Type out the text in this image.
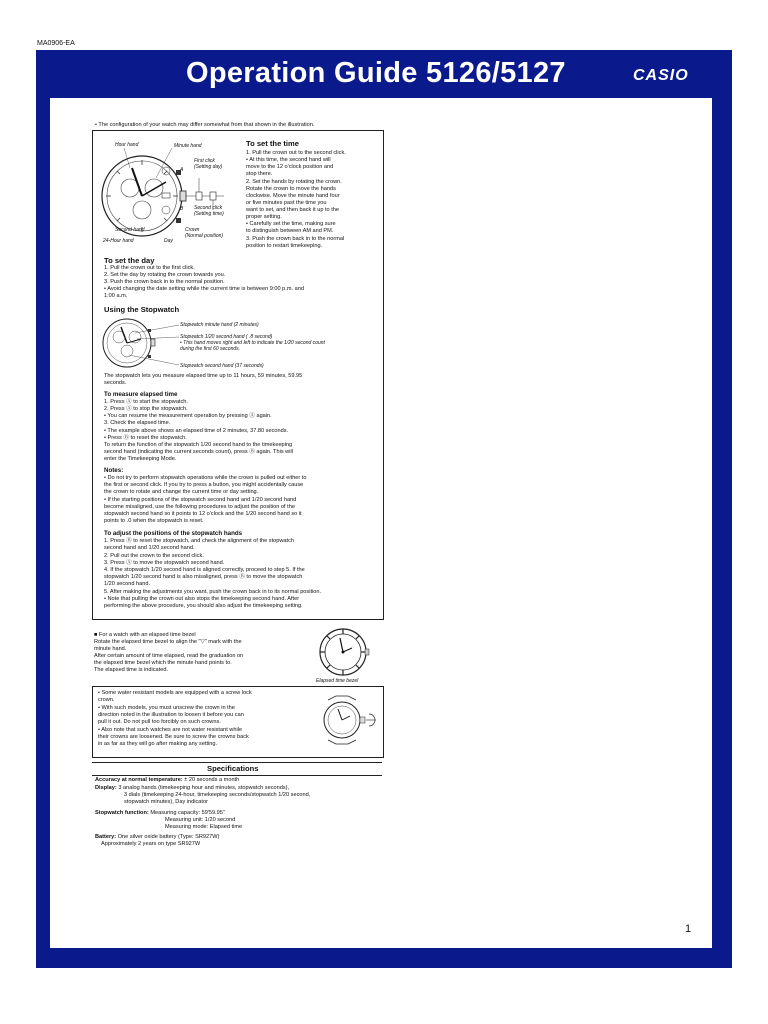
MA0906-EA
Operation Guide 5126/5127	CASIO
• The configuration of your watch may differ somewhat from that shown in the illustration.
Hour hand	Minute hand
First click
(Setting day)
A
B Second click
(Setting time)
Second hand	Crown
(Normal position)
24-Hour hand	Day
To set the time
1. Pull the crown out to the second click.
• At this time, the second hand will
move to the 12 o'clock position and
stop there.
2. Set the hands by rotating the crown.
Rotate the crown to move the hands
clockwise. Move the minute hand four
or five minutes past the time you
want to set, and then back it up to the
proper setting.
• Carefully set the time, making sure
to distinguish between AM and PM.
3. Push the crown back in to the normal
position to restart timekeeping.
To set the day
1. Pull the crown out to the first click.
2. Set the day by rotating the crown towards you.
3. Push the crown back in to the normal position.
• Avoid changing the date setting while the current time is between 9:00 p.m. and
1:00 a.m.
Using the Stopwatch
Stopwatch minute hand (2 minutes)
Stopwatch 1/20 second hand ( .8 second)
• This hand moves right and left to indicate the 1/20 second count
during the first 60 seconds.
Stopwatch second hand (37 seconds)
The stopwatch lets you measure elapsed time up to 11 hours, 59 minutes, 59.95
seconds.
To measure elapsed time
1. Press Ⓐ to start the stopwatch.
2. Press Ⓐ to stop the stopwatch.
• You can resume the measurement operation by pressing Ⓐ again.
3. Check the elapsed time.
• The example above shows an elapsed time of 2 minutes, 37.80 seconds.
• Press Ⓑ to reset the stopwatch.
To return the function of the stopwatch 1/20 second hand to the timekeeping
second hand (indicating the current seconds count), press Ⓑ again. This will
enter the Timekeeping Mode.
Notes:
• Do not try to perform stopwatch operations while the crown is pulled out either to
the first or second click. If you try to press a button, you might accidentally cause
the crown to rotate and change the current time or day setting.
• If the starting positions of the stopwatch second hand and 1/20 second hand
become misaligned, use the following procedures to adjust the position of the
stopwatch second hand so it points to 12 o'clock and the 1/20 second hand so it
points to .0 when the stopwatch is reset.
To adjust the positions of the stopwatch hands
1. Press Ⓑ to reset the stopwatch, and check the alignment of the stopwatch
second hand and 1/20 second hand.
2. Pull out the crown to the second click.
3. Press Ⓐ to move the stopwatch second hand.
4. If the stopwatch 1/20 second hand is aligned correctly, proceed to step 5. If the
stopwatch 1/20 second hand is also misaligned, press Ⓑ to move the stopwatch
1/20 second hand.
5. After making the adjustments you want, push the crown back in to its normal position.
• Note that pulling the crown out also stops the timekeeping second hand. After
performing the above procedure, you should also adjust the timekeeping setting.
■ For a watch with an elapsed time bezel
Rotate the elapsed time bezel to align the "▽" mark with the
minute hand.
After certain amount of time elapsed, read the graduation on
the elapsed time bezel which the minute hand points to.
The elapsed time is indicated.
Elapsed time bezel
• Some water resistant models are equipped with a screw lock
crown.
• With such models, you must unscrew the crown in the
direction noted in the illustration to loosen it before you can
pull it out. Do not pull too forcibly on such crowns.
• Also note that such watches are not water resistant while
their crowns are loosened. Be sure to screw the crowns back
in as far as they will go after making any setting.
Specifications
Accuracy at normal temperature: ± 20 seconds a month
Display: 3 analog hands (timekeeping hour and minutes, stopwatch seconds),
3 dials (timekeeping 24-hour, timekeeping seconds/stopwatch 1/20 second,
stopwatch minutes), Day indicator
Stopwatch function: Measuring capacity: 59'59.95"
Measuring unit: 1/20 second
Measuring mode: Elapsed time
Battery: One silver oxide battery (Type: SR927W)
Approximately 2 years on type SR927W
1
